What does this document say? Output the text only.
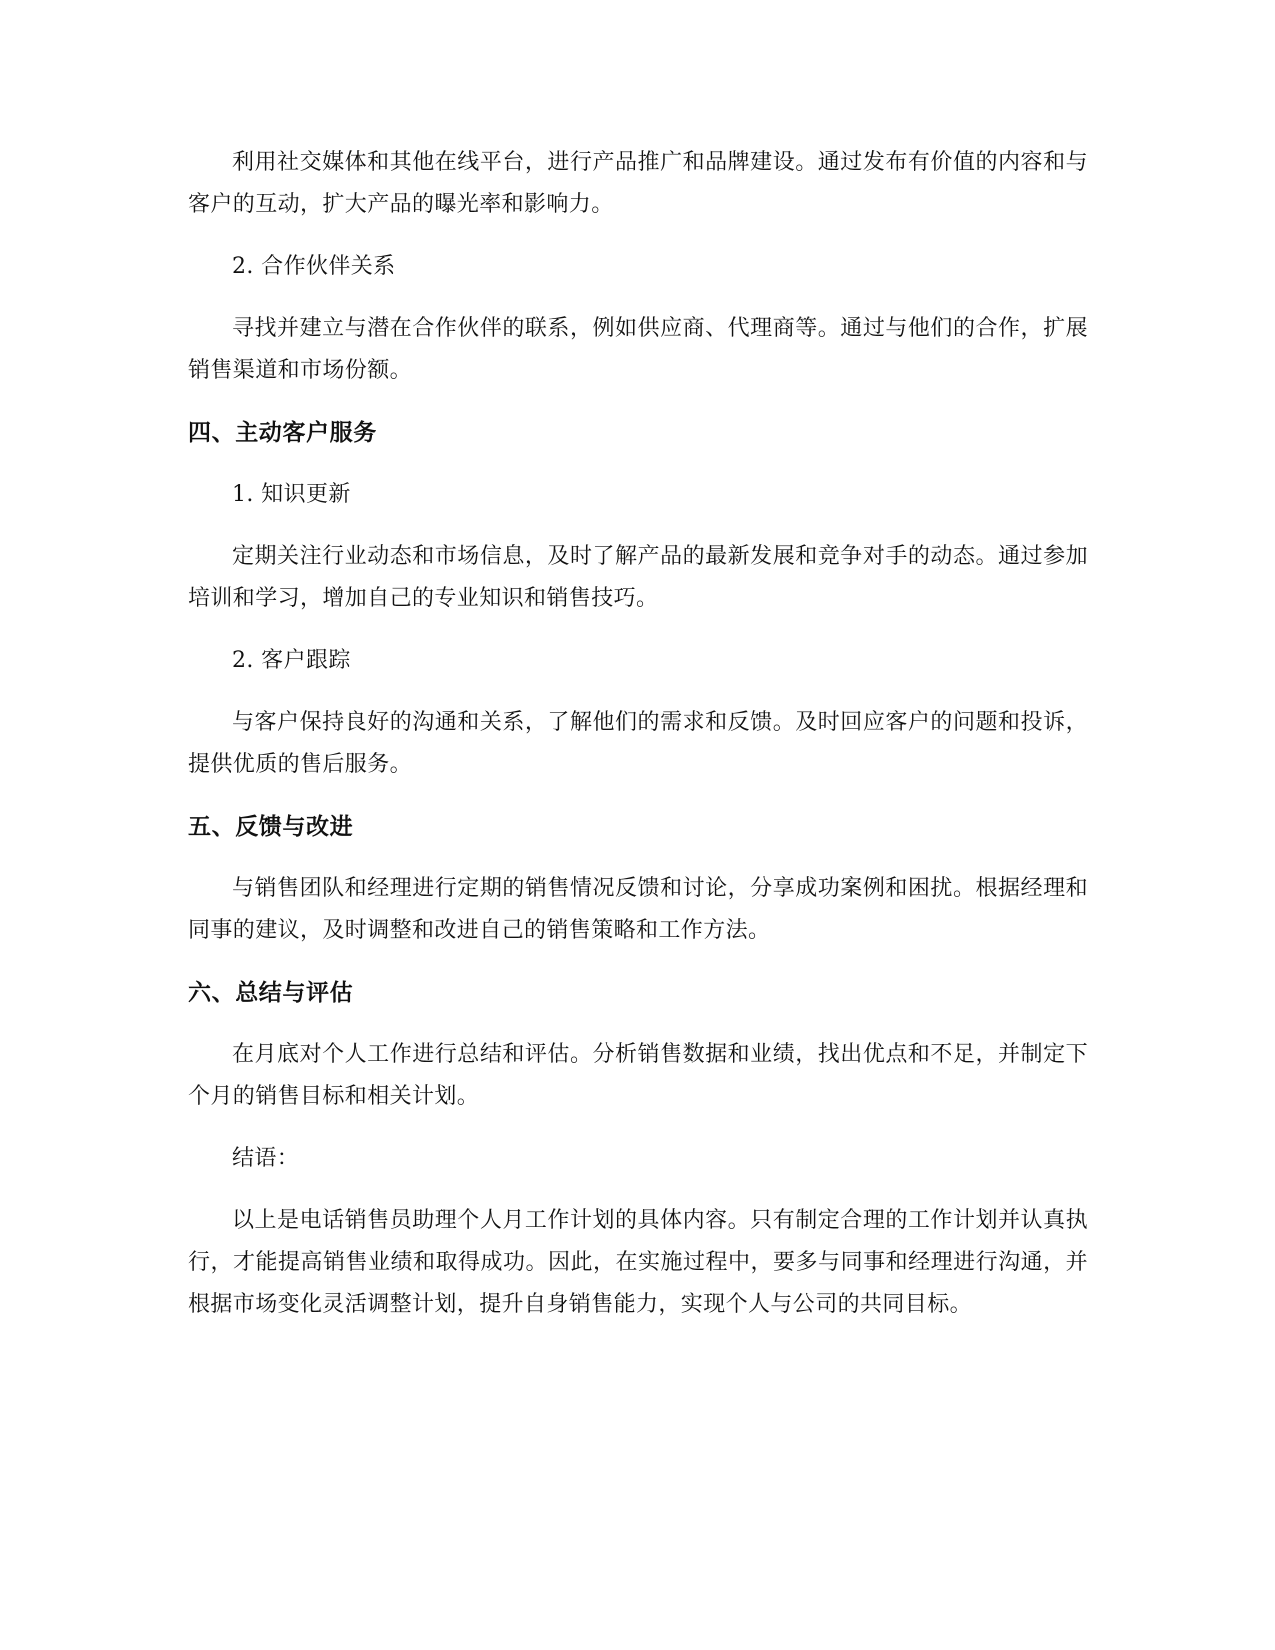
利用社交媒体和其他在线平台，进行产品推广和品牌建设。通过发布有价值的内容和与客户的互动，扩大产品的曝光率和影响力。

2. 合作伙伴关系

寻找并建立与潜在合作伙伴的联系，例如供应商、代理商等。通过与他们的合作，扩展销售渠道和市场份额。

四、主动客户服务

1. 知识更新

定期关注行业动态和市场信息，及时了解产品的最新发展和竞争对手的动态。通过参加培训和学习，增加自己的专业知识和销售技巧。

2. 客户跟踪

与客户保持良好的沟通和关系，了解他们的需求和反馈。及时回应客户的问题和投诉，提供优质的售后服务。

五、反馈与改进

与销售团队和经理进行定期的销售情况反馈和讨论，分享成功案例和困扰。根据经理和同事的建议，及时调整和改进自己的销售策略和工作方法。

六、总结与评估

在月底对个人工作进行总结和评估。分析销售数据和业绩，找出优点和不足，并制定下个月的销售目标和相关计划。

结语：

以上是电话销售员助理个人月工作计划的具体内容。只有制定合理的工作计划并认真执行，才能提高销售业绩和取得成功。因此，在实施过程中，要多与同事和经理进行沟通，并根据市场变化灵活调整计划，提升自身销售能力，实现个人与公司的共同目标。
